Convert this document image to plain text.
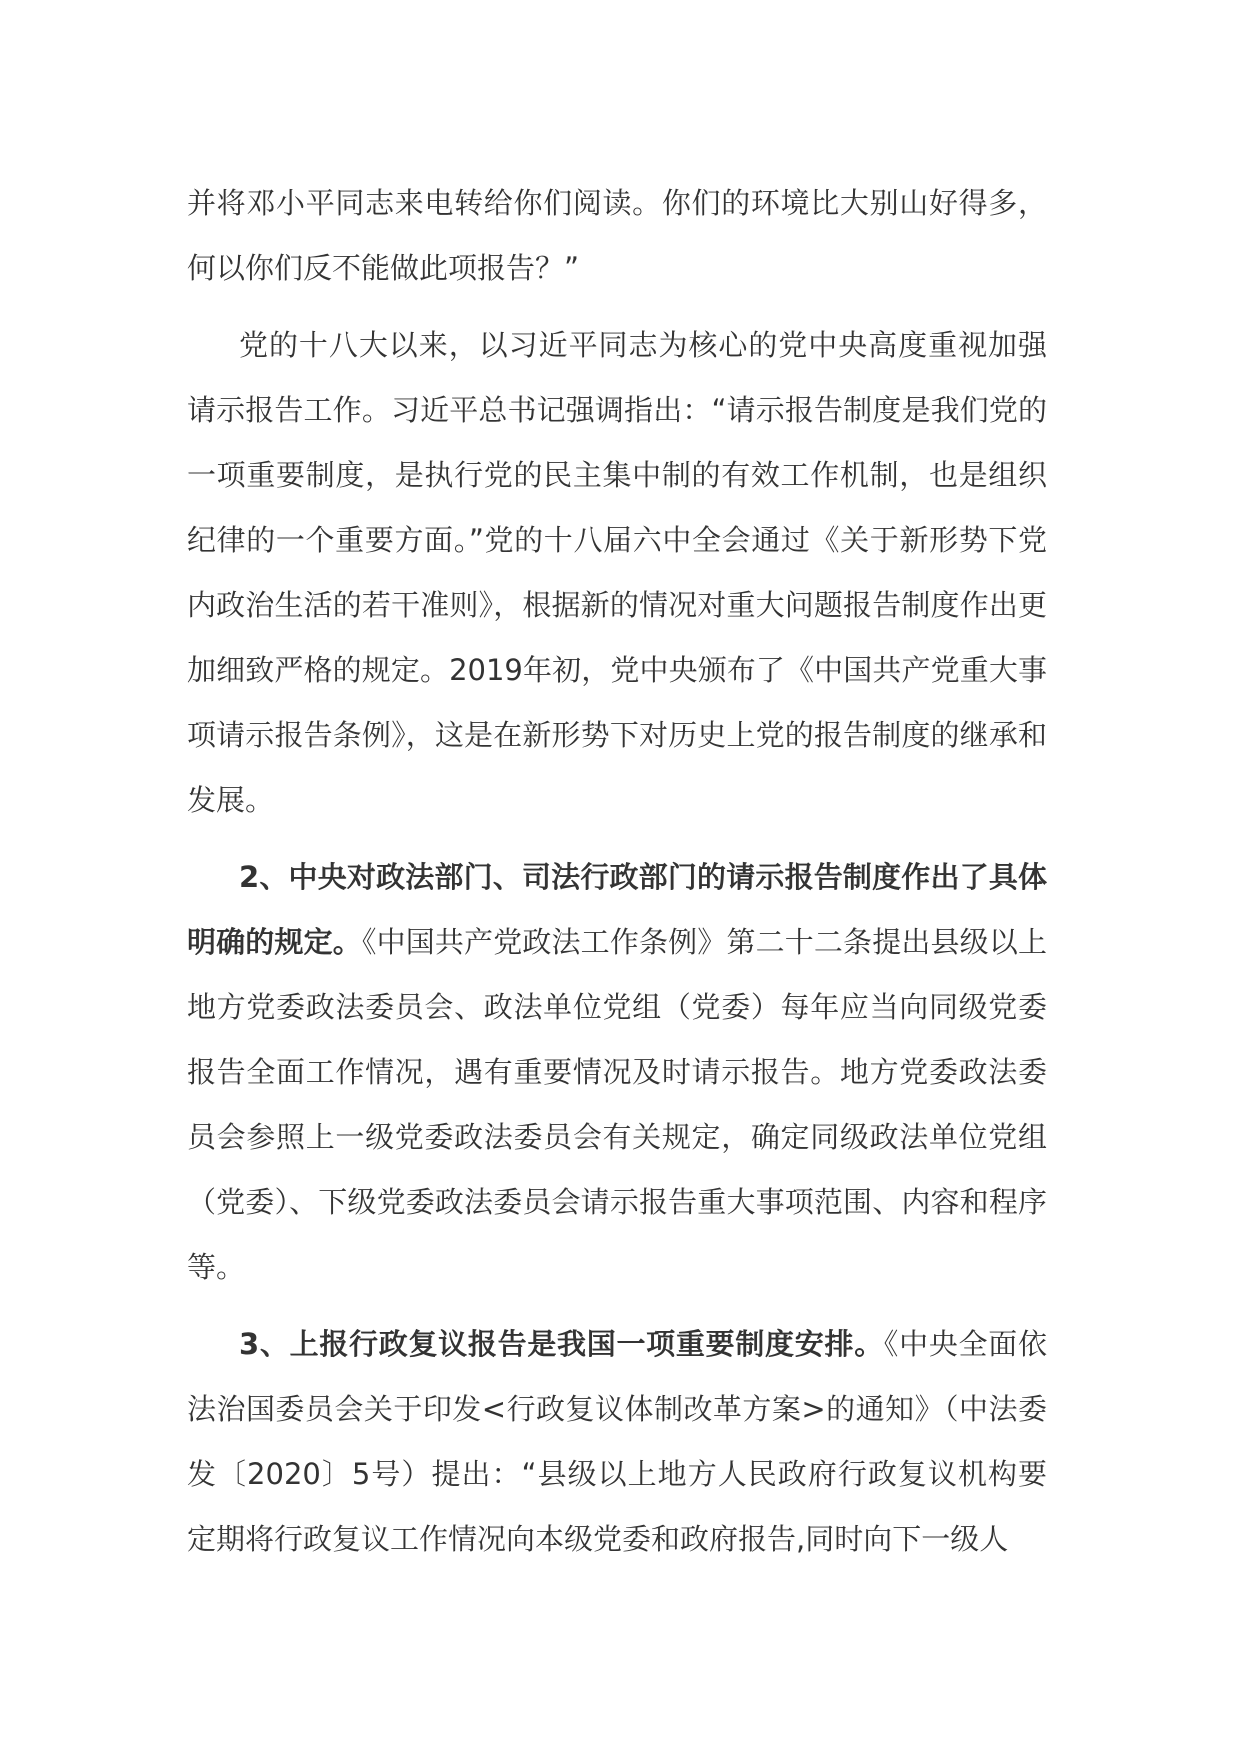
并将邓小平同志来电转给你们阅读。你们的环境比大别山好得多，何以你们反不能做此项报告？”

党的十八大以来，以习近平同志为核心的党中央高度重视加强请示报告工作。习近平总书记强调指出：“请示报告制度是我们党的一项重要制度，是执行党的民主集中制的有效工作机制，也是组织纪律的一个重要方面。”党的十八届六中全会通过《关于新形势下党内政治生活的若干准则》，根据新的情况对重大问题报告制度作出更加细致严格的规定。2019年初，党中央颁布了《中国共产党重大事项请示报告条例》，这是在新形势下对历史上党的报告制度的继承和发展。

2、中央对政法部门、司法行政部门的请示报告制度作出了具体明确的规定。《中国共产党政法工作条例》第二十二条提出县级以上地方党委政法委员会、政法单位党组（党委）每年应当向同级党委报告全面工作情况，遇有重要情况及时请示报告。地方党委政法委员会参照上一级党委政法委员会有关规定，确定同级政法单位党组（党委）、下级党委政法委员会请示报告重大事项范围、内容和程序等。

3、上报行政复议报告是我国一项重要制度安排。《中央全面依法治国委员会关于印发<行政复议体制改革方案>的通知》（中法委发〔2020〕5号）提出：“县级以上地方人民政府行政复议机构要定期将行政复议工作情况向本级党委和政府报告,同时向下一级人
